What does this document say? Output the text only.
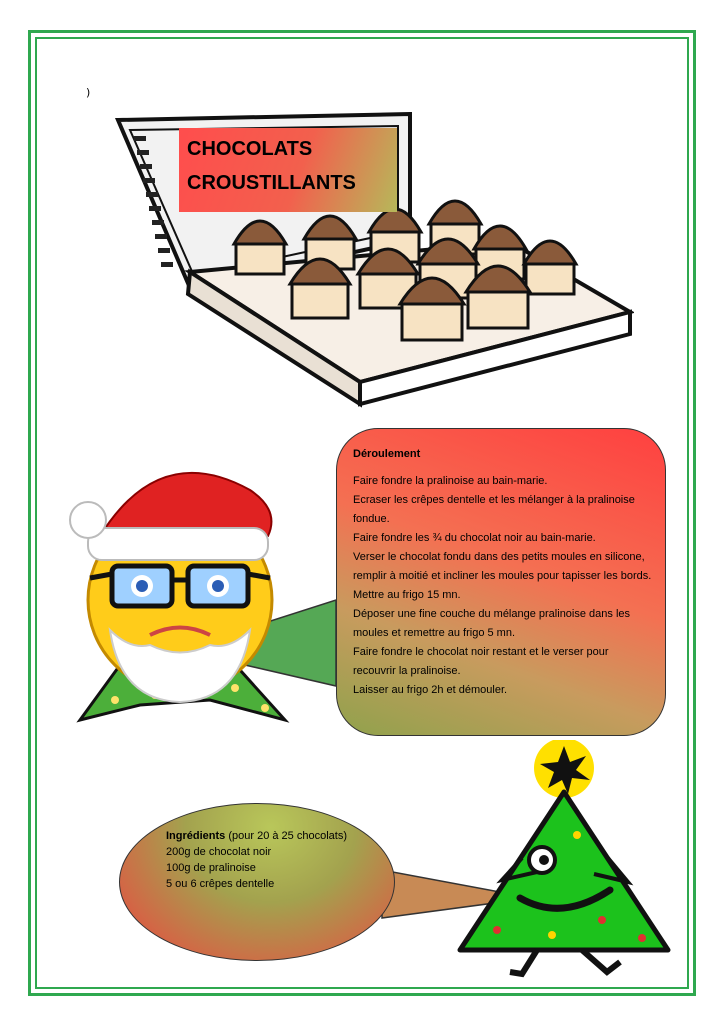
)
CHOCOLATS
CROUSTILLANTS
Déroulement
Faire fondre la pralinoise au bain-marie.
Ecraser les crêpes dentelle et les mélanger à la pralinoise fondue.
Faire fondre les ¾ du chocolat noir au bain-marie.
Verser le chocolat fondu dans des petits moules en silicone, remplir à moitié et incliner les moules pour tapisser les bords.
Mettre au frigo 15 mn.
Déposer une fine couche du mélange pralinoise dans les moules et remettre au frigo 5 mn.
Faire fondre le chocolat noir restant et le verser pour recouvrir la pralinoise.
Laisser au frigo 2h et démouler.
Ingrédients (pour 20 à 25 chocolats)
200g de chocolat noir
100g de pralinoise
5 ou 6 crêpes dentelle
